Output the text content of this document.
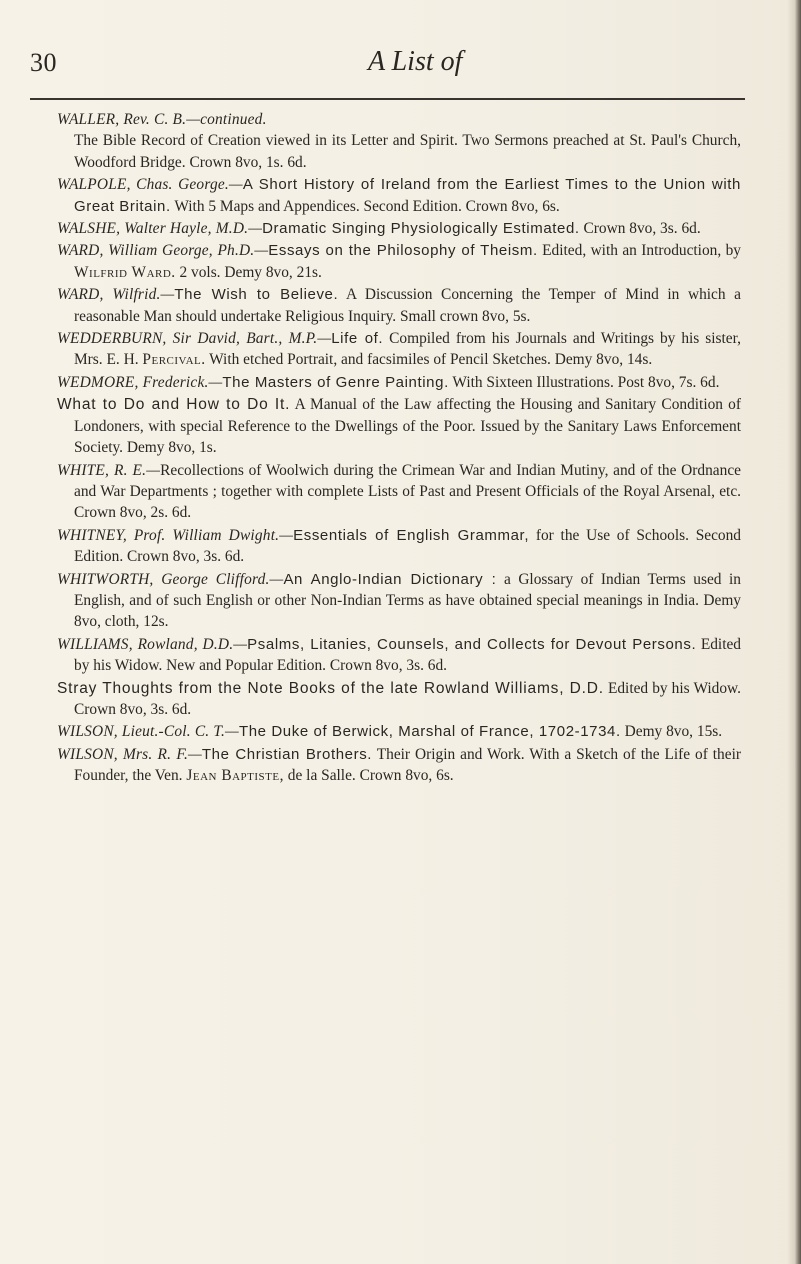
30	A List of

WALLER, Rev. C. B.—continued.
The Bible Record of Creation viewed in its Letter and Spirit. Two Sermons preached at St. Paul's Church, Woodford Bridge. Crown 8vo, 1s. 6d.

WALPOLE, Chas. George.—A Short History of Ireland from the Earliest Times to the Union with Great Britain. With 5 Maps and Appendices. Second Edition. Crown 8vo, 6s.

WALSHE, Walter Hayle, M.D.—Dramatic Singing Physiologically Estimated. Crown 8vo, 3s. 6d.

WARD, William George, Ph.D.—Essays on the Philosophy of Theism. Edited, with an Introduction, by Wilfrid Ward. 2 vols. Demy 8vo, 21s.

WARD, Wilfrid.—The Wish to Believe. A Discussion Concerning the Temper of Mind in which a reasonable Man should undertake Religious Inquiry. Small crown 8vo, 5s.

WEDDERBURN, Sir David, Bart., M.P.—Life of. Compiled from his Journals and Writings by his sister, Mrs. E. H. Percival. With etched Portrait, and facsimiles of Pencil Sketches. Demy 8vo, 14s.

WEDMORE, Frederick.—The Masters of Genre Painting. With Sixteen Illustrations. Post 8vo, 7s. 6d.

What to Do and How to Do It. A Manual of the Law affecting the Housing and Sanitary Condition of Londoners, with special Reference to the Dwellings of the Poor. Issued by the Sanitary Laws Enforcement Society. Demy 8vo, 1s.

WHITE, R. E.—Recollections of Woolwich during the Crimean War and Indian Mutiny, and of the Ordnance and War Departments ; together with complete Lists of Past and Present Officials of the Royal Arsenal, etc. Crown 8vo, 2s. 6d.

WHITNEY, Prof. William Dwight.—Essentials of English Grammar, for the Use of Schools. Second Edition. Crown 8vo, 3s. 6d.

WHITWORTH, George Clifford.—An Anglo-Indian Dictionary : a Glossary of Indian Terms used in English, and of such English or other Non-Indian Terms as have obtained special meanings in India. Demy 8vo, cloth, 12s.

WILLIAMS, Rowland, D.D.—Psalms, Litanies, Counsels, and Collects for Devout Persons. Edited by his Widow. New and Popular Edition. Crown 8vo, 3s. 6d.

Stray Thoughts from the Note Books of the late Rowland Williams, D.D. Edited by his Widow. Crown 8vo, 3s. 6d.

WILSON, Lieut.-Col. C. T.—The Duke of Berwick, Marshal of France, 1702-1734. Demy 8vo, 15s.

WILSON, Mrs. R. F.—The Christian Brothers. Their Origin and Work. With a Sketch of the Life of their Founder, the Ven. Jean Baptiste, de la Salle. Crown 8vo, 6s.
